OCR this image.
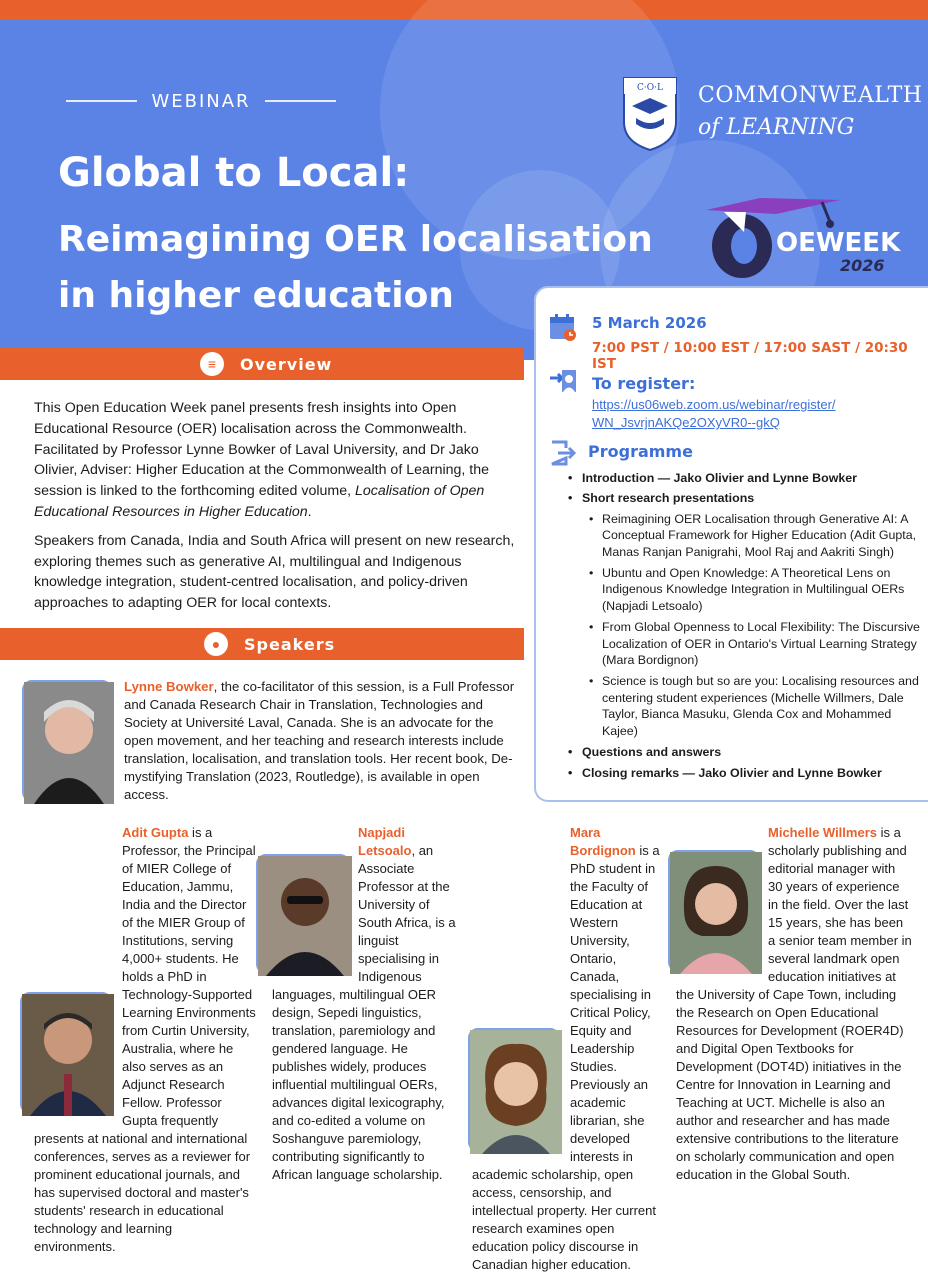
WEBINAR
Global to Local:
Reimagining OER localisation
in higher education
C·O·L COMMONWEALTH
of LEARNING
OEWEEK
2026
≡	Overview

This Open Education Week panel presents fresh insights into Open Educational Resource (OER) localisation across the Commonwealth. Facilitated by Professor Lynne Bowker of Laval University, and Dr Jako Olivier, Adviser: Higher Education at the Commonwealth of Learning, the session is linked to the forthcoming edited volume, Localisation of Open Educational Resources in Higher Education.

Speakers from Canada, India and South Africa will present on new research, exploring themes such as generative AI, multilingual and Indigenous knowledge integration, student-centred localisation, and policy-driven approaches to adapting OER for local contexts.

5 March 2026
7:00 PST / 10:00 EST / 17:00 SAST / 20:30 IST
To register:
https://us06web.zoom.us/webinar/register/
WN_JsvrjnAKQe2OXyVR0--gkQ
Programme
• Introduction — Jako Olivier and Lynne Bowker
• Short research presentations
• Reimagining OER Localisation through Generative AI: A Conceptual Framework for Higher Education (Adit Gupta, Manas Ranjan Panigrahi, Mool Raj and Aakriti Singh)
• Ubuntu and Open Knowledge: A Theoretical Lens on Indigenous Knowledge Integration in Multilingual OERs (Napjadi Letsoalo)
• From Global Openness to Local Flexibility: The Discursive Localization of OER in Ontario's Virtual Learning Strategy (Mara Bordignon)
• Science is tough but so are you: Localising resources and centering student experiences (Michelle Willmers, Dale Taylor, Bianca Masuku, Glenda Cox and Mohammed Kajee)
• Questions and answers
• Closing remarks — Jako Olivier and Lynne Bowker
●	Speakers
Lynne Bowker, the co-facilitator of this session, is a Full Professor and Canada Research Chair in Translation, Technologies and Society at Université Laval, Canada. She is an advocate for the open movement, and her teaching and research interests include translation, localisation, and translation tools. Her recent book, De-mystifying Translation (2023, Routledge), is available in open access.
Adit Gupta is a Professor, the Principal of MIER College of Education, Jammu, India and the Director of the MIER Group of Institutions, serving 4,000+ students. He holds a PhD in Technology-Supported Learning Environments from Curtin University, Australia, where he also serves as an Adjunct Research Fellow. Professor Gupta frequently presents at national and international conferences, serves as a reviewer for prominent educational journals, and has supervised doctoral and master's students' research in educational technology and learning environments.
Napjadi Letsoalo, an Associate Professor at the University of South Africa, is a linguist specialising in Indigenous languages, multilingual OER design, Sepedi linguistics, translation, paremiology and gendered language. He publishes widely, produces influential multilingual OERs, advances digital lexicography, and co-edited a volume on Soshanguve paremiology, contributing significantly to African language scholarship.
Mara Bordignon is a PhD student in the Faculty of Education at Western University, Ontario, Canada, specialising in Critical Policy, Equity and Leadership Studies. Previously an academic librarian, she developed interests in academic scholarship, open access, censorship, and intellectual property. Her current research examines open education policy discourse in Canadian higher education.
Michelle Willmers is a scholarly publishing and editorial manager with 30 years of experience in the field. Over the last 15 years, she has been a senior team member in several landmark open education initiatives at the University of Cape Town, including the Research on Open Educational Resources for Development (ROER4D) and Digital Open Textbooks for Development (DOT4D) initiatives in the Centre for Innovation in Learning and Teaching at UCT. Michelle is also an author and researcher and has made extensive contributions to the literature on scholarly communication and open education in the Global South.
